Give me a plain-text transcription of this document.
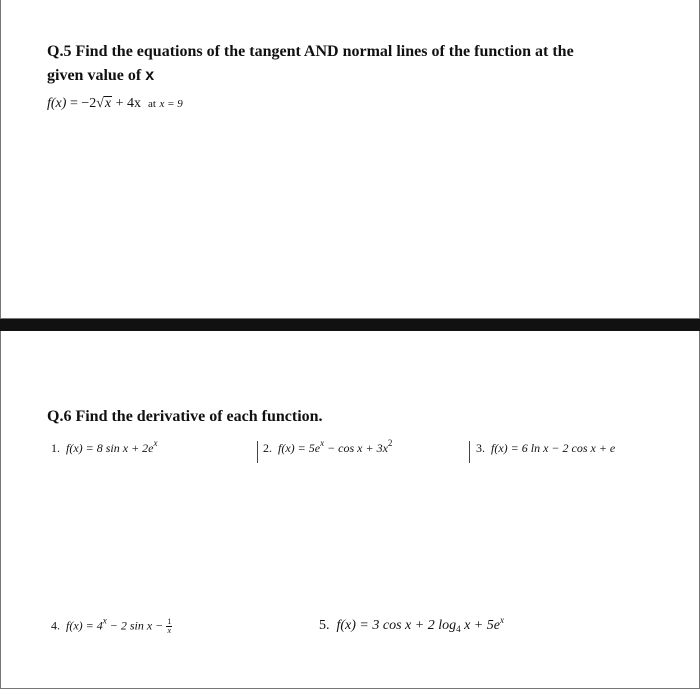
Q.5 Find the equations of the tangent AND normal lines of the function at the
given value of x
f(x) = −2√x + 4x at x = 9
Q.6 Find the derivative of each function.
1. f(x) = 8 $\sin x + 2e^x$	2. $f(x) = 5e^x - \cos x + 3x^2$	3. f(x) = 6 ln x − 2 cos x + e
4. $f(x) = 4^x - 2$ $\sin x - \frac{1}{x}$	5. f(x) = 3 cos x + 2 $\log_4 x + 5e^x$
